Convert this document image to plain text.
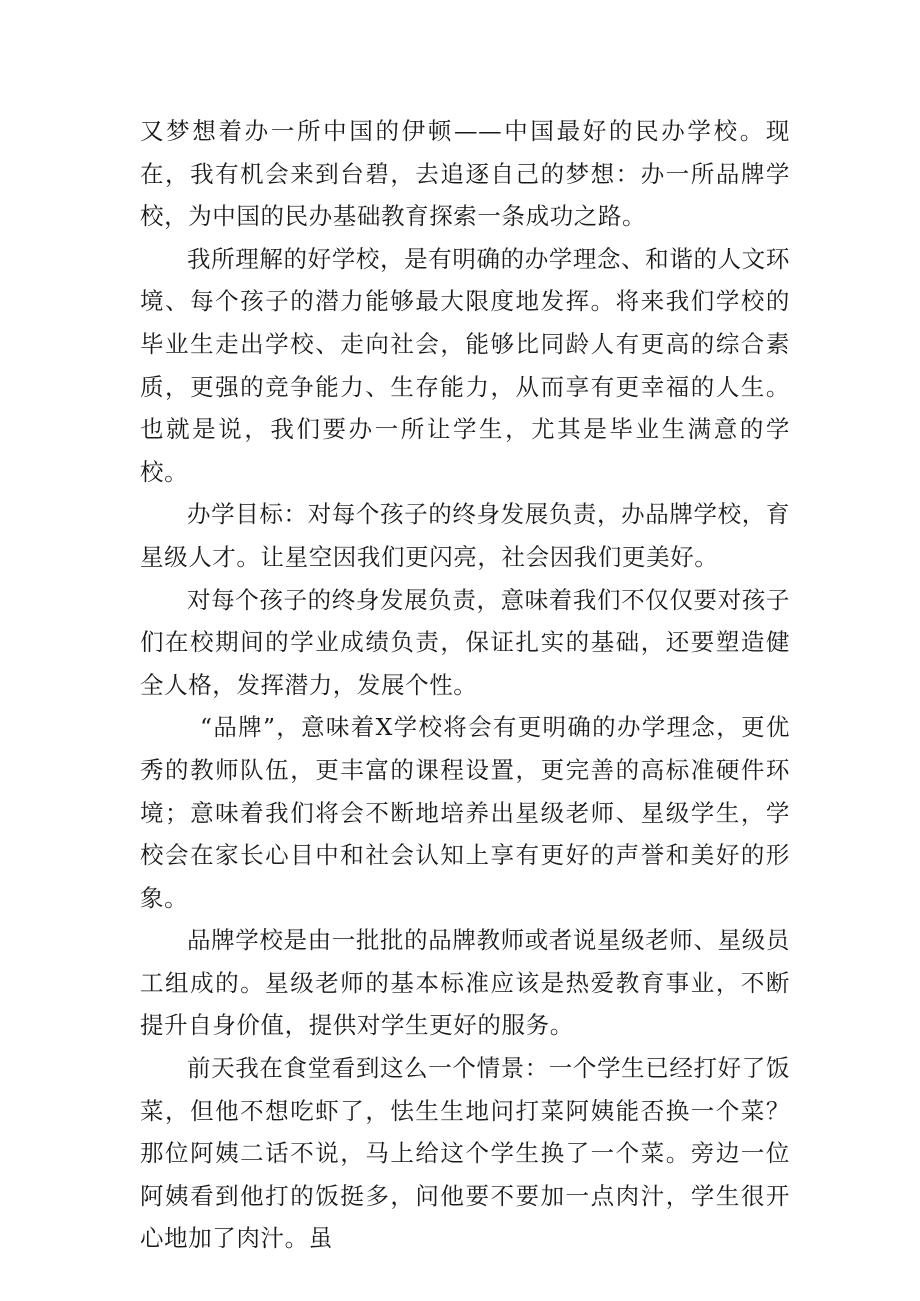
又梦想着办一所中国的伊顿——中国最好的民办学校。现在，我有机会来到台碧，去追逐自己的梦想：办一所品牌学校，为中国的民办基础教育探索一条成功之路。

我所理解的好学校，是有明确的办学理念、和谐的人文环境、每个孩子的潜力能够最大限度地发挥。将来我们学校的毕业生走出学校、走向社会，能够比同龄人有更高的综合素质，更强的竞争能力、生存能力，从而享有更幸福的人生。也就是说，我们要办一所让学生，尤其是毕业生满意的学校。

办学目标：对每个孩子的终身发展负责，办品牌学校，育星级人才。让星空因我们更闪亮，社会因我们更美好。

对每个孩子的终身发展负责，意味着我们不仅仅要对孩子们在校期间的学业成绩负责，保证扎实的基础，还要塑造健全人格，发挥潜力，发展个性。

“品牌”，意味着X学校将会有更明确的办学理念，更优秀的教师队伍，更丰富的课程设置，更完善的高标准硬件环境；意味着我们将会不断地培养出星级老师、星级学生，学校会在家长心目中和社会认知上享有更好的声誉和美好的形象。

品牌学校是由一批批的品牌教师或者说星级老师、星级员工组成的。星级老师的基本标准应该是热爱教育事业，不断提升自身价值，提供对学生更好的服务。

前天我在食堂看到这么一个情景：一个学生已经打好了饭菜，但他不想吃虾了，怯生生地问打菜阿姨能否换一个菜？那位阿姨二话不说，马上给这个学生换了一个菜。旁边一位阿姨看到他打的饭挺多，问他要不要加一点肉汁，学生很开心地加了肉汁。虽
